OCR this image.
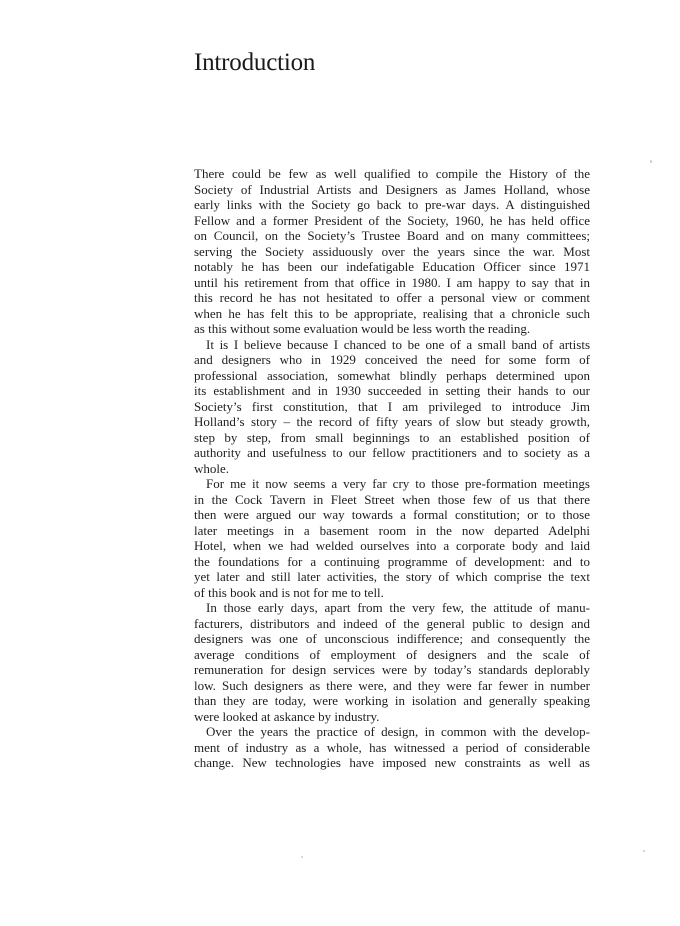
Introduction

There could be few as well qualified to compile the History of the
Society of Industrial Artists and Designers as James Holland, whose
early links with the Society go back to pre-war days. A distinguished
Fellow and a former President of the Society, 1960, he has held office
on Council, on the Society’s Trustee Board and on many committees;
serving the Society assiduously over the years since the war. Most
notably he has been our indefatigable Education Officer since 1971
until his retirement from that office in 1980. I am happy to say that in
this record he has not hesitated to offer a personal view or comment
when he has felt this to be appropriate, realising that a chronicle such
as this without some evaluation would be less worth the reading.

It is I believe because I chanced to be one of a small band of artists
and designers who in 1929 conceived the need for some form of
professional association, somewhat blindly perhaps determined upon
its establishment and in 1930 succeeded in setting their hands to our
Society’s first constitution, that I am privileged to introduce Jim
Holland’s story – the record of fifty years of slow but steady growth,
step by step, from small beginnings to an established position of
authority and usefulness to our fellow practitioners and to society as a
whole.

For me it now seems a very far cry to those pre-formation meetings
in the Cock Tavern in Fleet Street when those few of us that there
then were argued our way towards a formal constitution; or to those
later meetings in a basement room in the now departed Adelphi
Hotel, when we had welded ourselves into a corporate body and laid
the foundations for a continuing programme of development: and to
yet later and still later activities, the story of which comprise the text
of this book and is not for me to tell.

In those early days, apart from the very few, the attitude of manu-
facturers, distributors and indeed of the general public to design and
designers was one of unconscious indifference; and consequently the
average conditions of employment of designers and the scale of
remuneration for design services were by today’s standards deplorably
low. Such designers as there were, and they were far fewer in number
than they are today, were working in isolation and generally speaking
were looked at askance by industry.

Over the years the practice of design, in common with the develop-
ment of industry as a whole, has witnessed a period of considerable
change. New technologies have imposed new constraints as well as
